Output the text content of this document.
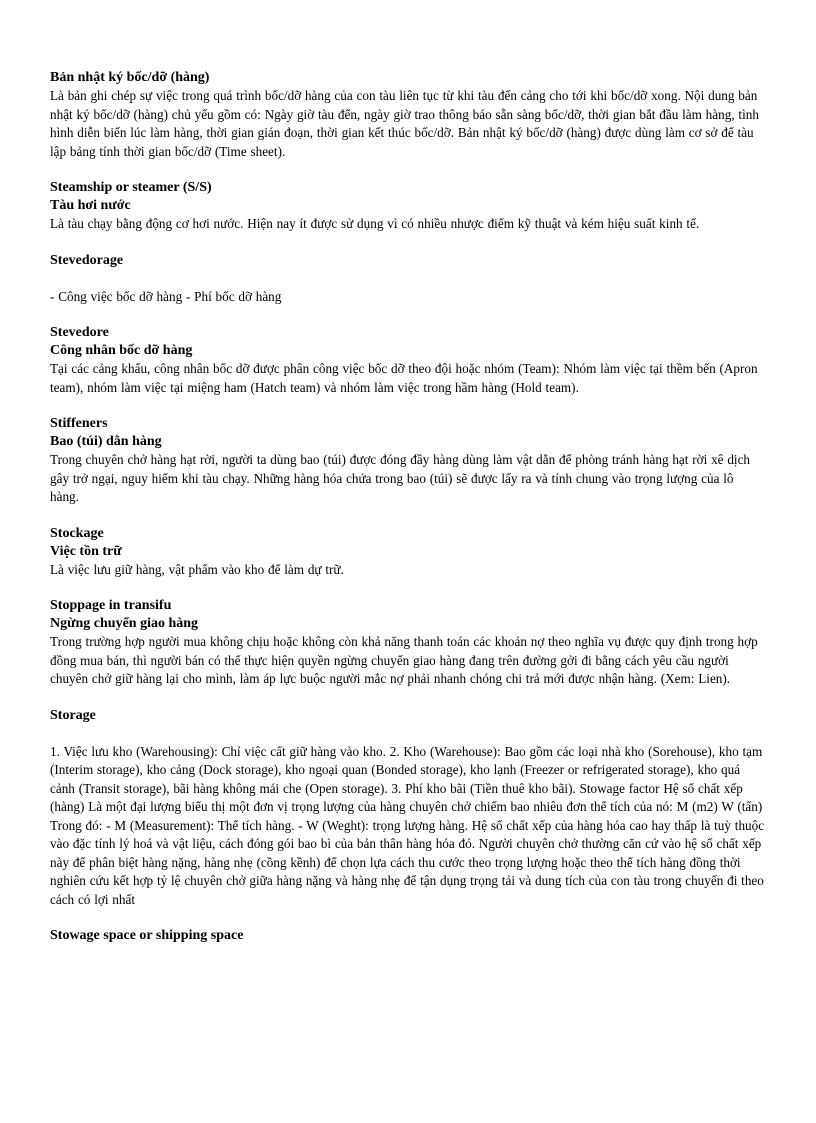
Bản nhật ký bốc/dỡ (hàng)

Là bản ghi chép sự việc trong quá trình bốc/dỡ hàng của con tàu liên tục từ khi tàu đến cảng cho tới khi bốc/dỡ xong. Nội dung bản nhật ký bốc/dỡ (hàng) chủ yếu gồm có: Ngày giờ tàu đến, ngày giờ trao thông báo sẵn sàng bốc/dỡ, thời gian bắt đầu làm hàng, tình hình diễn biến lúc làm hàng, thời gian gián đoạn, thời gian kết thúc bốc/dỡ. Bản nhật ký bốc/dỡ (hàng) được dùng làm cơ sở để tàu lập bảng tính thời gian bốc/dỡ (Time sheet).

Steamship or steamer (S/S)

Tàu hơi nước

Là tàu chạy bằng động cơ hơi nước. Hiện nay ít được sử dụng vì có nhiều nhược điểm kỹ thuật và kém hiệu suất kinh tế.

Stevedorage

- Công việc bốc dỡ hàng - Phí bốc dỡ hàng

Stevedore

Công nhân bốc dỡ hàng

Tại các cảng khẩu, công nhân bốc dỡ được phân công việc bốc dỡ theo đội hoặc nhóm (Team): Nhóm làm việc tại thềm bến (Apron team), nhóm làm việc tại miệng ham (Hatch team) và nhóm làm việc trong hầm hàng (Hold team).

Stiffeners

Bao (túi) dằn hàng

Trong chuyên chở hàng hạt rời, người ta dùng bao (túi) được đóng đầy hàng dùng làm vật dằn để phòng tránh hàng hạt rời xê dịch gây trở ngại, nguy hiểm khi tàu chạy. Những hàng hóa chứa trong bao (túi) sẽ được lấy ra và tính chung vào trọng lượng của lô hàng.

Stockage

Việc tồn trữ

Là việc lưu giữ hàng, vật phẩm vào kho để làm dự trữ.

Stoppage in transifu

Ngừng chuyển giao hàng

Trong trường hợp người mua không chịu hoặc không còn khả năng thanh toán các khoản nợ theo nghĩa vụ được quy định trong hợp đồng mua bán, thì người bán có thể thực hiện quyền ngừng chuyển giao hàng đang trên đường gởi đi bằng cách yêu cầu người chuyên chở giữ hàng lại cho mình, làm áp lực buộc người mắc nợ phải nhanh chóng chi trả mới được nhận hàng. (Xem: Lien).

Storage

1. Việc lưu kho (Warehousing): Chỉ việc cất giữ hàng vào kho. 2. Kho (Warehouse): Bao gồm các loại nhà kho (Sorehouse), kho tạm (Interim storage), kho cảng (Dock storage), kho ngoại quan (Bonded storage), kho lạnh (Freezer or refrigerated storage), kho quá cảnh (Transit storage), bãi hàng không mái che (Open storage). 3. Phí kho bãi (Tiền thuê kho bãi). Stowage factor Hệ số chất xếp (hàng) Là một đại lượng biểu thị một đơn vị trọng lượng của hàng chuyên chở chiếm bao nhiêu đơn thể tích của nó: M (m2) W (tấn) Trong đó: - M (Measurement): Thể tích hàng. - W (Weght): trọng lượng hàng. Hệ số chất xếp của hàng hóa cao hay thấp là tuỳ thuộc vào đặc tính lý hoá và vật liệu, cách đóng gói bao bì của bản thân hàng hóa đó. Người chuyên chở thường căn cứ vào hệ số chất xếp này để phân biệt hàng nặng, hàng nhẹ (cồng kềnh) để chọn lựa cách thu cước theo trọng lượng hoặc theo thể tích hàng đồng thời nghiên cứu kết hợp tỷ lệ chuyên chở giữa hàng nặng và hàng nhẹ để tận dụng trọng tải và dung tích của con tàu trong chuyến đi theo cách có lợi nhất

Stowage space or shipping space
